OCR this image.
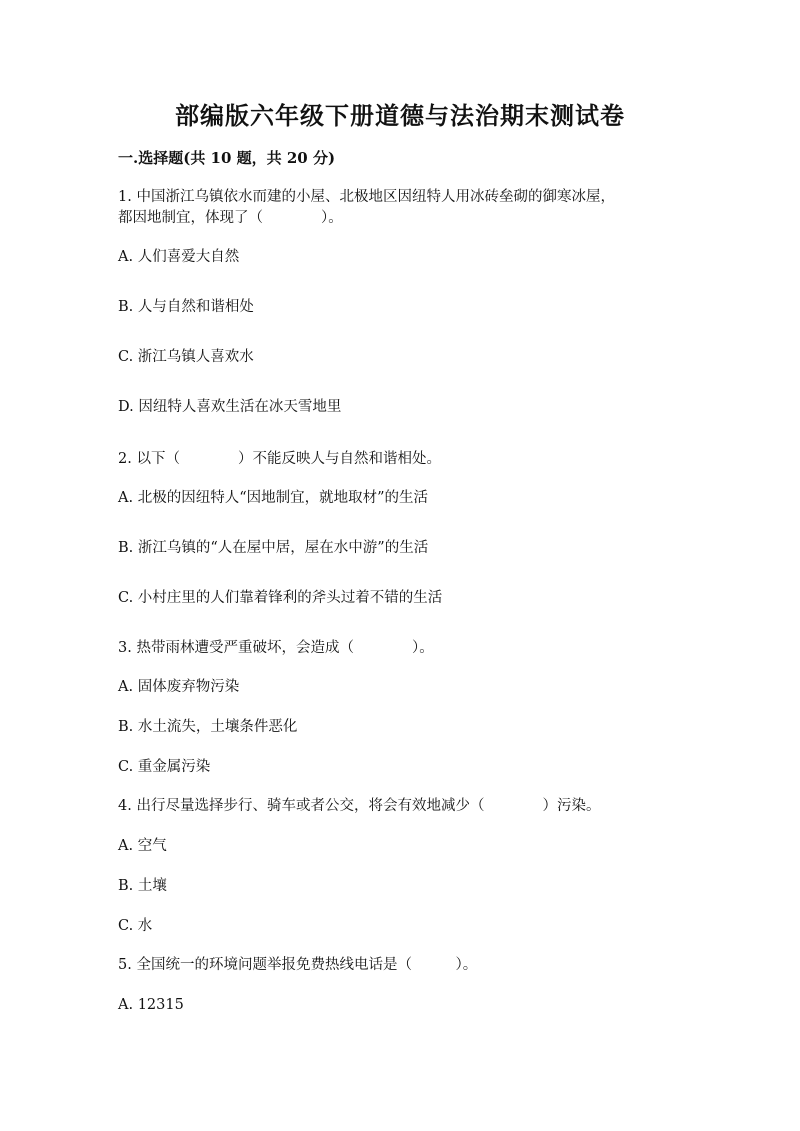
部编版六年级下册道德与法治期末测试卷
一.选择题(共 10 题，共 20 分)

1. 中国浙江乌镇依水而建的小屋、北极地区因纽特人用冰砖垒砌的御寒冰屋，

都因地制宜，体现了（　　　　）。

A. 人们喜爱大自然

B. 人与自然和谐相处

C. 浙江乌镇人喜欢水

D. 因纽特人喜欢生活在冰天雪地里

2. 以下（　　　　）不能反映人与自然和谐相处。

A. 北极的因纽特人“因地制宜，就地取材”的生活

B. 浙江乌镇的“人在屋中居，屋在水中游”的生活

C. 小村庄里的人们靠着锋利的斧头过着不错的生活

3. 热带雨林遭受严重破坏，会造成（　　　　）。

A. 固体废弃物污染

B. 水土流失，土壤条件恶化

C. 重金属污染

4. 出行尽量选择步行、骑车或者公交，将会有效地减少（　　　　）污染。

A. 空气

B. 土壤

C. 水

5. 全国统一的环境问题举报免费热线电话是（　　　）。

A. 12315
